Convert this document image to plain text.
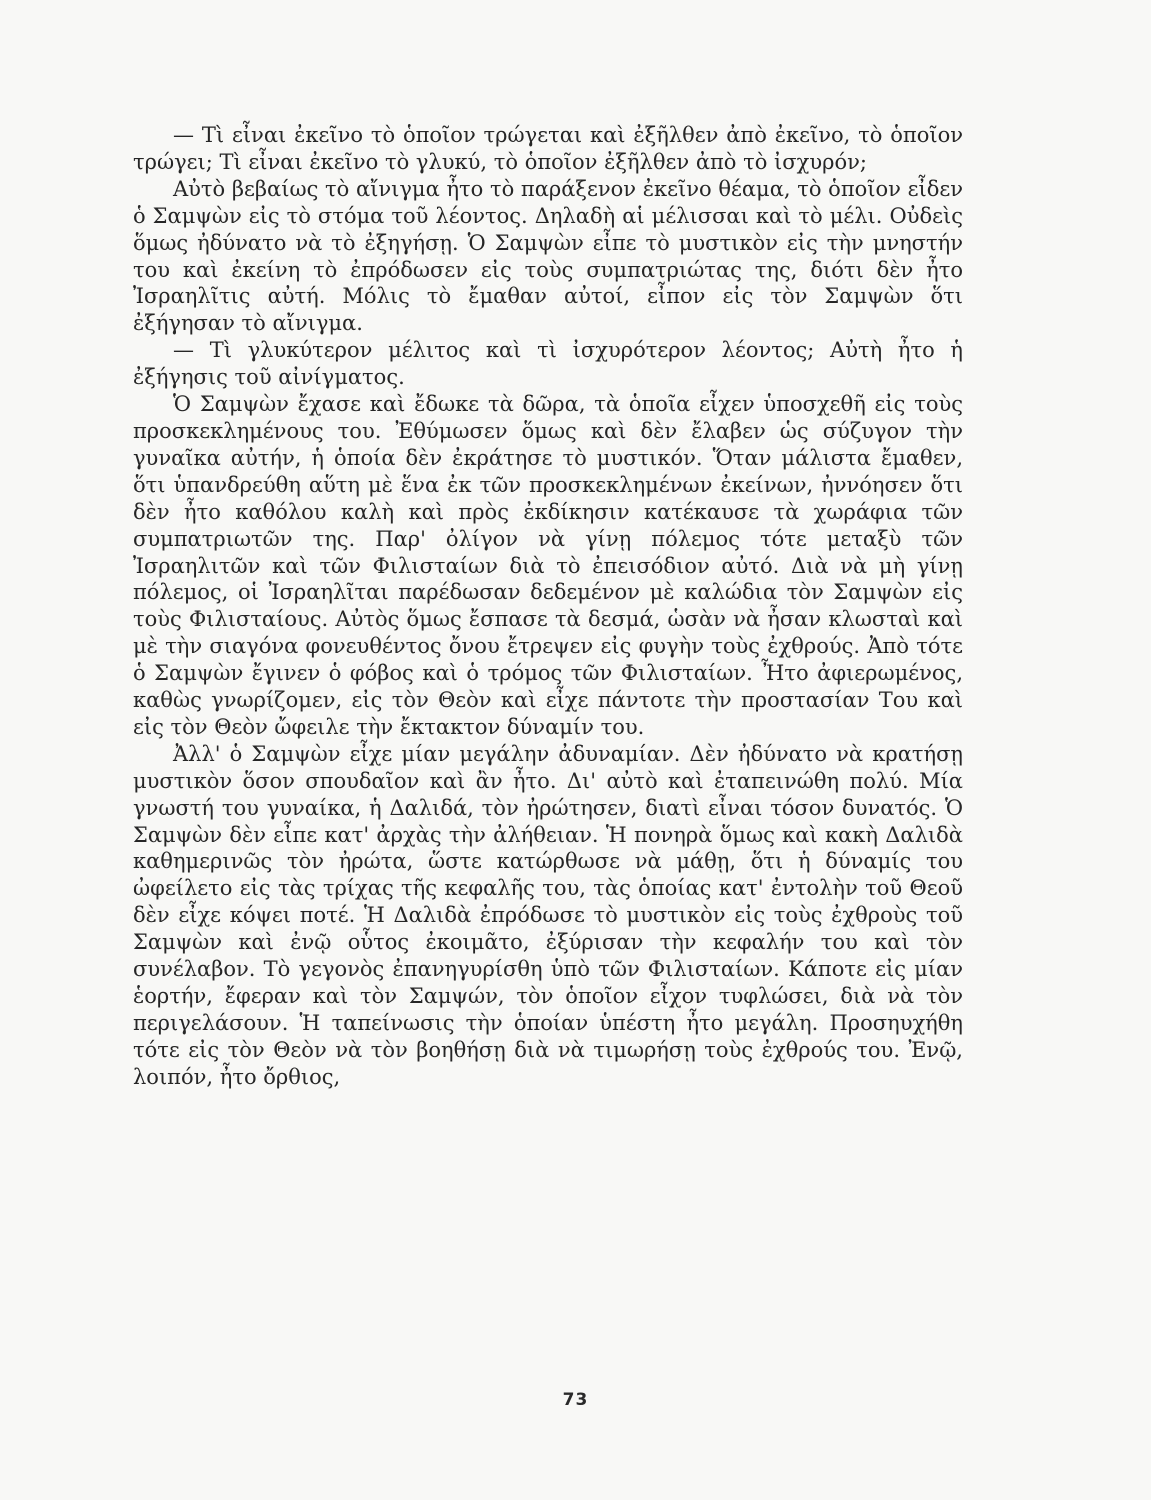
— Τὶ εἶναι ἐκεῖνο τὸ ὁποῖον τρώγεται καὶ ἐξῆλθεν ἀπὸ ἐκεῖνο, τὸ ὁποῖον τρώγει; Τὶ εἶναι ἐκεῖνο τὸ γλυκύ, τὸ ὁποῖον ἐξῆλθεν ἀπὸ τὸ ἰσχυρόν;

Αὐτὸ βεβαίως τὸ αἴνιγμα ἦτο τὸ παράξενον ἐκεῖνο θέαμα, τὸ ὁποῖον εἶδεν ὁ Σαμψὼν εἰς τὸ στόμα τοῦ λέοντος. Δηλαδὴ αἱ μέλισσαι καὶ τὸ μέλι. Οὐδεὶς ὅμως ἠδύνατο νὰ τὸ ἐξηγήσῃ. Ὁ Σαμψὼν εἶπε τὸ μυστικὸν εἰς τὴν μνηστήν του καὶ ἐκείνη τὸ ἐπρόδωσεν εἰς τοὺς συμπατριώτας της, διότι δὲν ἦτο Ἰσραηλῖτις αὐτή. Μόλις τὸ ἔμαθαν αὐτοί, εἶπον εἰς τὸν Σαμψὼν ὅτι ἐξήγησαν τὸ αἴνιγμα.

— Τὶ γλυκύτερον μέλιτος καὶ τὶ ἰσχυρότερον λέοντος; Αὐτὴ ἦτο ἡ ἐξήγησις τοῦ αἰνίγματος.

Ὁ Σαμψὼν ἔχασε καὶ ἔδωκε τὰ δῶρα, τὰ ὁποῖα εἶχεν ὑποσχεθῆ εἰς τοὺς προσκεκλημένους του. Ἐθύμωσεν ὅμως καὶ δὲν ἔλαβεν ὡς σύζυγον τὴν γυναῖκα αὐτήν, ἡ ὁποία δὲν ἐκράτησε τὸ μυστικόν. Ὅταν μάλιστα ἔμαθεν, ὅτι ὑπανδρεύθη αὕτη μὲ ἕνα ἐκ τῶν προσκεκλημένων ἐκείνων, ἠννόησεν ὅτι δὲν ἦτο καθόλου καλὴ καὶ πρὸς ἐκδίκησιν κατέκαυσε τὰ χωράφια τῶν συμπατριωτῶν της. Παρ' ὀλίγον νὰ γίνῃ πόλεμος τότε μεταξὺ τῶν Ἰσραηλιτῶν καὶ τῶν Φιλισταίων διὰ τὸ ἐπεισόδιον αὐτό. Διὰ νὰ μὴ γίνῃ πόλεμος, οἱ Ἰσραηλῖται παρέδωσαν δεδεμένον μὲ καλώδια τὸν Σαμψὼν εἰς τοὺς Φιλισταίους. Αὐτὸς ὅμως ἔσπασε τὰ δεσμά, ὡσὰν νὰ ἦσαν κλωσταὶ καὶ μὲ τὴν σιαγόνα φονευθέντος ὄνου ἔτρεψεν εἰς φυγὴν τοὺς ἐχθρούς. Ἀπὸ τότε ὁ Σαμψὼν ἔγινεν ὁ φόβος καὶ ὁ τρόμος τῶν Φιλισταίων. Ἦτο ἀφιερωμένος, καθὼς γνωρίζομεν, εἰς τὸν Θεὸν καὶ εἶχε πάντοτε τὴν προστασίαν Του καὶ εἰς τὸν Θεὸν ὤφειλε τὴν ἔκτακτον δύναμίν του.

Ἀλλ' ὁ Σαμψὼν εἶχε μίαν μεγάλην ἀδυναμίαν. Δὲν ἠδύνατο νὰ κρατήσῃ μυστικὸν ὅσον σπουδαῖον καὶ ἂν ἦτο. Δι' αὐτὸ καὶ ἐταπεινώθη πολύ. Μία γνωστή του γυναίκα, ἡ Δαλιδά, τὸν ἠρώτησεν, διατὶ εἶναι τόσον δυνατός. Ὁ Σαμψὼν δὲν εἶπε κατ' ἀρχὰς τὴν ἀλήθειαν. Ἡ πονηρὰ ὅμως καὶ κακὴ Δαλιδὰ καθημερινῶς τὸν ἠρώτα, ὥστε κατώρθωσε νὰ μάθῃ, ὅτι ἡ δύναμίς του ὠφείλετο εἰς τὰς τρίχας τῆς κεφαλῆς του, τὰς ὁποίας κατ' ἐντολὴν τοῦ Θεοῦ δὲν εἶχε κόψει ποτέ. Ἡ Δαλιδὰ ἐπρόδωσε τὸ μυστικὸν εἰς τοὺς ἐχθροὺς τοῦ Σαμψὼν καὶ ἐνῷ οὗτος ἐκοιμᾶτο, ἐξύρισαν τὴν κεφαλήν του καὶ τὸν συνέλαβον. Τὸ γεγονὸς ἐπανηγυρίσθη ὑπὸ τῶν Φιλισταίων. Κάποτε εἰς μίαν ἑορτήν, ἔφεραν καὶ τὸν Σαμψών, τὸν ὁποῖον εἶχον τυφλώσει, διὰ νὰ τὸν περιγελάσουν. Ἡ ταπείνωσις τὴν ὁποίαν ὑπέστη ἦτο μεγάλη. Προσηυχήθη τότε εἰς τὸν Θεὸν νὰ τὸν βοηθήσῃ διὰ νὰ τιμωρήσῃ τοὺς ἐχθρούς του. Ἐνῷ, λοιπόν, ἦτο ὄρθιος,

73
